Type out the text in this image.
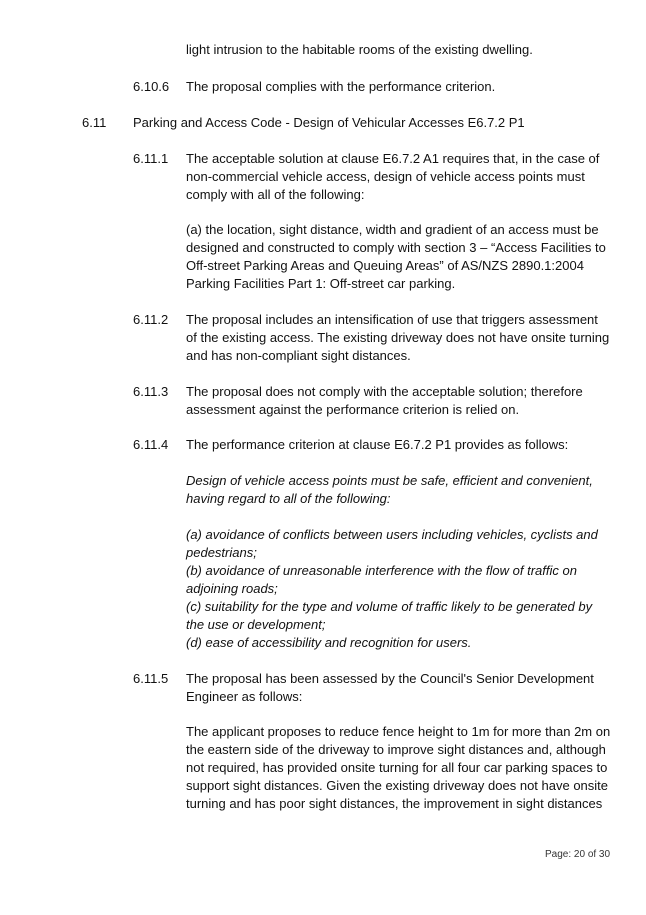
light intrusion to the habitable rooms of the existing dwelling.
6.10.6 The proposal complies with the performance criterion.
6.11 Parking and Access Code - Design of Vehicular Accesses E6.7.2 P1
6.11.1 The acceptable solution at clause E6.7.2 A1 requires that, in the case of
non-commercial vehicle access, design of vehicle access points must
comply with all of the following:
(a) the location, sight distance, width and gradient of an access must be
designed and constructed to comply with section 3 – “Access Facilities to
Off-street Parking Areas and Queuing Areas” of AS/NZS 2890.1:2004
Parking Facilities Part 1: Off-street car parking.
6.11.2 The proposal includes an intensification of use that triggers assessment
of the existing access. The existing driveway does not have onsite turning
and has non-compliant sight distances.
6.11.3 The proposal does not comply with the acceptable solution; therefore
assessment against the performance criterion is relied on.
6.11.4 The performance criterion at clause E6.7.2 P1 provides as follows:
Design of vehicle access points must be safe, efficient and convenient,
having regard to all of the following:
(a) avoidance of conflicts between users including vehicles, cyclists and
pedestrians;
(b) avoidance of unreasonable interference with the flow of traffic on
adjoining roads;
(c) suitability for the type and volume of traffic likely to be generated by
the use or development;
(d) ease of accessibility and recognition for users.
6.11.5 The proposal has been assessed by the Council's Senior Development
Engineer as follows:
The applicant proposes to reduce fence height to 1m for more than 2m on
the eastern side of the driveway to improve sight distances and, although
not required, has provided onsite turning for all four car parking spaces to
support sight distances. Given the existing driveway does not have onsite
turning and has poor sight distances, the improvement in sight distances
Page: 20 of 30
